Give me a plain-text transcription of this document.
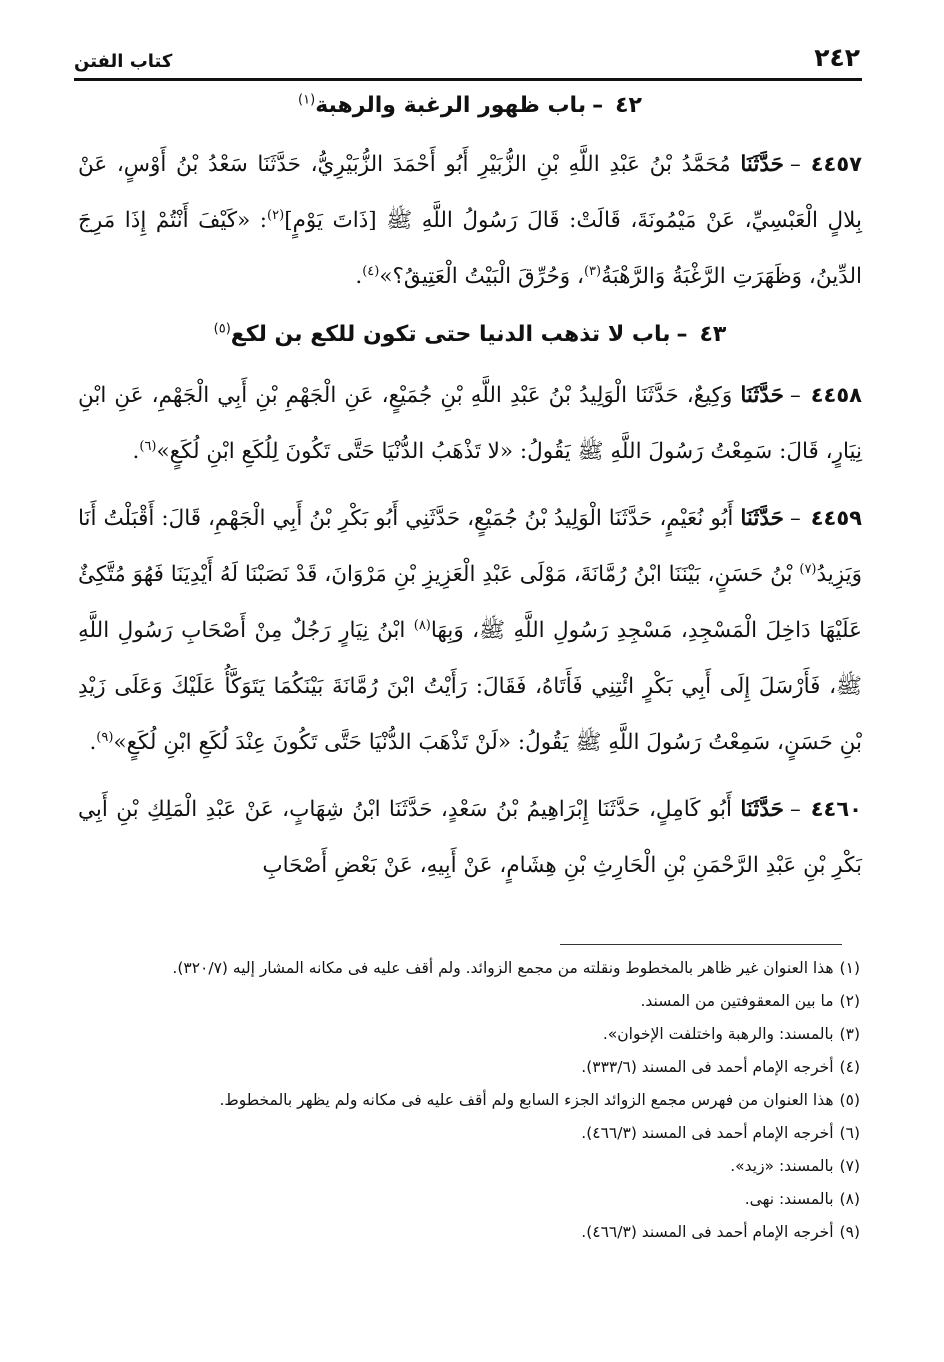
٢٤٢
كتاب الفتن
٤٢–باب ظهور الرغبة والرهبة$^{(١)}$

٤٤٥٧–حَدَّثَنَا مُحَمَّدُ بْنُ عَبْدِ اللَّهِ بْنِ الزُّبَيْرِ أَبُو أَحْمَدَ الزُّبَيْرِيُّ، حَدَّثَنَا سَعْدُ بْنُ أَوْسٍ، عَنْ بِلالٍ الْعَبْسِيِّ، عَنْ مَيْمُونَةَ، قَالَتْ: قَالَ رَسُولُ اللَّهِ ﷺ [ذَاتَ يَوْمٍ]$^{(٢)}$: «كَيْفَ أَنْتُمْ إِذَا مَرِجَ الدِّينُ، وَظَهَرَتِ الرَّغْبَةُ وَالرَّهْبَةُ$^{(٣)}$، وَحُرِّقَ الْبَيْتُ الْعَتِيقُ؟»$^{(٤)}$.

٤٣–باب لا تذهب الدنيا حتى تكون للكع بن لكع$^{(٥)}$

٤٤٥٨–حَدَّثَنَا وَكِيعٌ، حَدَّثَنَا الْوَلِيدُ بْنُ عَبْدِ اللَّهِ بْنِ جُمَيْعٍ، عَنِ الْجَهْمِ بْنِ أَبِي الْجَهْمِ، عَنِ ابْنِ نِيَارٍ، قَالَ: سَمِعْتُ رَسُولَ اللَّهِ ﷺ يَقُولُ: «لا تَذْهَبُ الدُّنْيَا حَتَّى تَكُونَ لِلُكَعِ ابْنِ لُكَعٍ»$^{(٦)}$.

٤٤٥٩–حَدَّثَنَا أَبُو نُعَيْمٍ، حَدَّثَنَا الْوَلِيدُ بْنُ جُمَيْعٍ، حَدَّثَنِي أَبُو بَكْرِ بْنُ أَبِي الْجَهْمِ، قَالَ: أَقْبَلْتُ أَنَا وَيَزِيدُ$^{(٧)}$ بْنُ حَسَنٍ، بَيْنَنَا ابْنُ رُمَّانَةَ، مَوْلَى عَبْدِ الْعَزِيزِ بْنِ مَرْوَانَ، قَدْ نَصَبْنَا لَهُ أَيْدِيَنَا فَهُوَ مُتَّكِئٌ عَلَيْهَا دَاخِلَ الْمَسْجِدِ، مَسْجِدِ رَسُولِ اللَّهِ ﷺ، وَبِهَا$^{(٨)}$ ابْنُ نِيَارٍ رَجُلٌ مِنْ أَصْحَابِ رَسُولِ اللَّهِ ﷺ، فَأَرْسَلَ إِلَى أَبِي بَكْرٍ ائْتِنِي فَأَتَاهُ، فَقَالَ: رَأَيْتُ ابْنَ رُمَّانَةَ بَيْنَكُمَا يَتَوَكَّأُ عَلَيْكَ وَعَلَى زَيْدِ بْنِ حَسَنٍ، سَمِعْتُ رَسُولَ اللَّهِ ﷺ يَقُولُ: «لَنْ تَذْهَبَ الدُّنْيَا حَتَّى تَكُونَ عِنْدَ لُكَعِ ابْنِ لُكَعٍ»$^{(٩)}$.

٤٤٦٠–حَدَّثَنَا أَبُو كَامِلٍ، حَدَّثَنَا إِبْرَاهِيمُ بْنُ سَعْدٍ، حَدَّثَنَا ابْنُ شِهَابٍ، عَنْ عَبْدِ الْمَلِكِ بْنِ أَبِي بَكْرِ بْنِ عَبْدِ الرَّحْمَنِ بْنِ الْحَارِثِ بْنِ هِشَامٍ، عَنْ أَبِيهِ، عَنْ بَعْضِ أَصْحَابِ

(١)هذا العنوان غير ظاهر بالمخطوط ونقلته من مجمع الزوائد. ولم أقف عليه فى مكانه المشار إليه (٣٢٠/٧).
(٢)ما بين المعقوفتين من المسند.
(٣)بالمسند: والرهبة واختلفت الإخوان».
(٤)أخرجه الإمام أحمد فى المسند (٣٣٣/٦).
(٥)هذا العنوان من فهرس مجمع الزوائد الجزء السابع ولم أقف عليه فى مكانه ولم يظهر بالمخطوط.
(٦)أخرجه الإمام أحمد فى المسند (٤٦٦/٣).
(٧)بالمسند: «زيد».
(٨)بالمسند: نهى.
(٩)أخرجه الإمام أحمد فى المسند (٤٦٦/٣).
